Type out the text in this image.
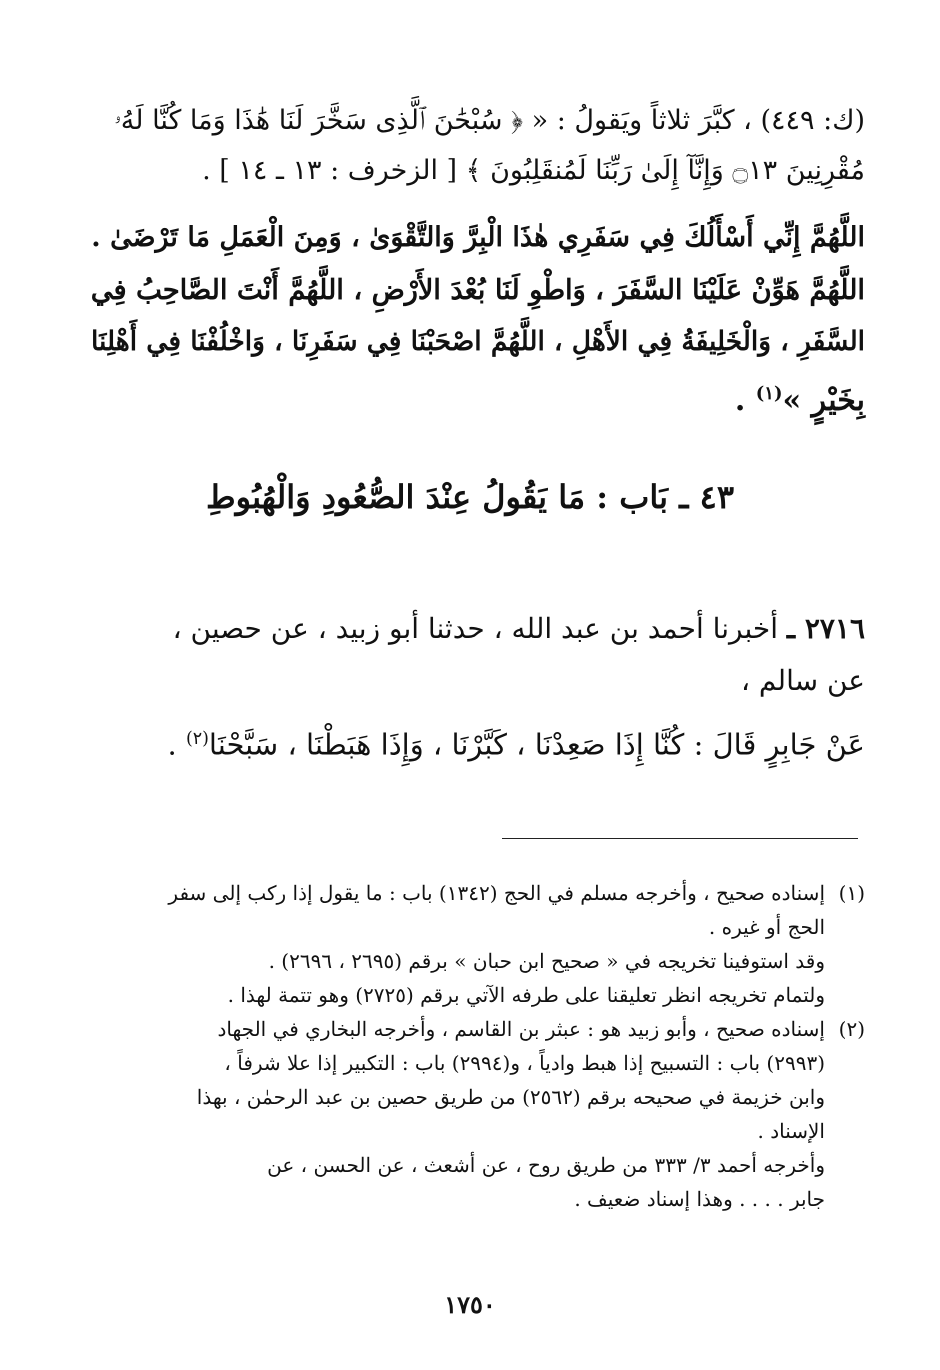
(ك: ٤٤٩) ، كبَّرَ ثلاثاً ويَقولُ : « ﴿ سُبْحَٰنَ ٱلَّذِى سَخَّرَ لَنَا هَٰذَا وَمَا كُنَّا لَهُۥ
مُقْرِنِينَ ۝١٣ وَإِنَّآ إِلَىٰ رَبِّنَا لَمُنقَلِبُونَ ﴾ [ الزخرف : ١٣ ـ ١٤ ] .
اللَّهُمَّ إِنِّي أَسْأَلُكَ فِي سَفَرِي هٰذَا الْبِرَّ وَالتَّقْوَىٰ ، وَمِنَ الْعَمَلِ مَا تَرْضَىٰ .
اللَّهُمَّ هَوِّنْ عَلَيْنَا السَّفَرَ ، وَاطْوِ لَنَا بُعْدَ الأَرْضِ ، اللَّهُمَّ أَنْتَ الصَّاحِبُ فِي
السَّفَرِ ، وَالْخَلِيفَةُ فِي الأَهْلِ ، اللَّهُمَّ اصْحَبْنَا فِي سَفَرِنَا ، وَاخْلُفْنَا فِي أَهْلِنَا
بِخَيْرٍ »$^{(١)}$ .
٤٣ ـ بَاب : مَا يَقُولُ عِنْدَ الصُّعُودِ وَالْهُبُوطِ
٢٧١٦ ـ أخبرنا أحمد بن عبد الله ، حدثنا أبو زبيد ، عن حصين ،
عن سالم ،
عَنْ جَابِرٍ قَالَ : كُنَّا إِذَا صَعِدْنَا ، كَبَّرْنَا ، وَإِذَا هَبَطْنَا ، سَبَّحْنَا$^{(٢)}$ .
(١)
إسناده صحيح ، وأخرجه مسلم في الحج (١٣٤٢) باب : ما يقول إذا ركب إلى سفر
الحج أو غيره .
وقد استوفينا تخريجه في « صحيح ابن حبان » برقم (٢٦٩٥ ، ٢٦٩٦) .
ولتمام تخريجه انظر تعليقنا على طرفه الآتي برقم (٢٧٢٥) وهو تتمة لهذا .
(٢)
إسناده صحيح ، وأبو زبيد هو : عبثر بن القاسم ، وأخرجه البخاري في الجهاد
(٢٩٩٣) باب : التسبيح إذا هبط وادياً ، و(٢٩٩٤) باب : التكبير إذا علا شرفاً ،
وابن خزيمة في صحيحه برقم (٢٥٦٢) من طريق حصين بن عبد الرحمٰن ، بهذا
الإسناد .
وأخرجه أحمد ٣/ ٣٣٣ من طريق روح ، عن أشعث ، عن الحسن ، عن
جابر . . . . وهذا إسناد ضعيف .
١٧٥٠
